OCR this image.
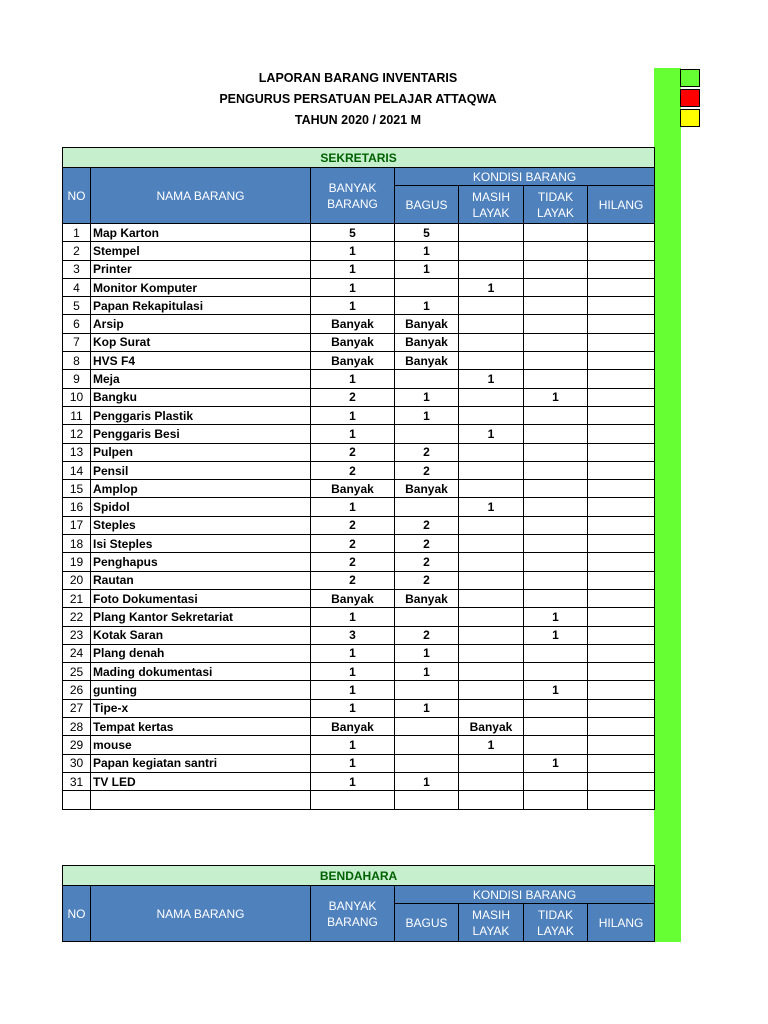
LAPORAN BARANG INVENTARIS
PENGURUS PERSATUAN PELAJAR ATTAQWA
TAHUN 2020 / 2021 M
SEKRETARIS						
NO	NAMA BARANG	BANYAK BARANG	KONDISI BARANG			
			BAGUS	MASIH LAYAK	TIDAK LAYAK	HILANG
1	Map Karton	5	5			
2	Stempel	1	1			
3	Printer	1	1			
4	Monitor Komputer	1		1		
5	Papan Rekapitulasi	1	1			
6	Arsip	Banyak	Banyak			
7	Kop Surat	Banyak	Banyak			
8	HVS F4	Banyak	Banyak			
9	Meja	1		1		
10	Bangku	2	1		1	
11	Penggaris Plastik	1	1			
12	Penggaris Besi	1		1		
13	Pulpen	2	2			
14	Pensil	2	2			
15	Amplop	Banyak	Banyak			
16	Spidol	1		1		
17	Steples	2	2			
18	Isi Steples	2	2			
19	Penghapus	2	2			
20	Rautan	2	2			
21	Foto Dokumentasi	Banyak	Banyak			
22	Plang Kantor Sekretariat	1			1	
23	Kotak Saran	3	2		1	
24	Plang denah	1	1			
25	Mading dokumentasi	1	1			
26	gunting	1			1	
27	Tipe-x	1	1			
28	Tempat kertas	Banyak		Banyak		
29	mouse	1		1		
30	Papan kegiatan santri	1			1	
31	TV LED	1	1			

BENDAHARA						
NO	NAMA BARANG	BANYAK BARANG	KONDISI BARANG			
			BAGUS	MASIH LAYAK	TIDAK LAYAK	HILANG
